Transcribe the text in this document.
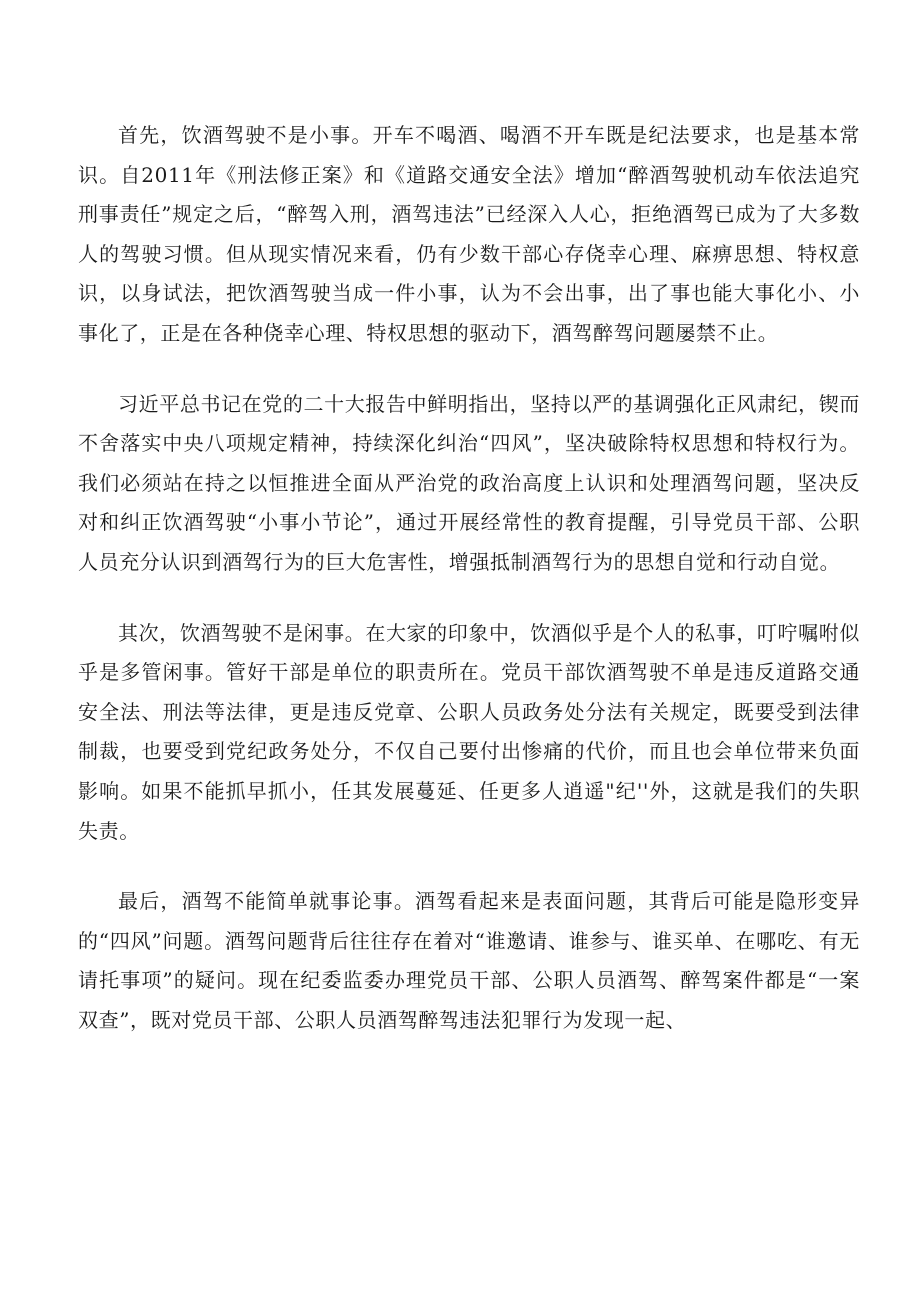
首先，饮酒驾驶不是小事。开车不喝酒、喝酒不开车既是纪法要求，也是基本常识。自2011年《刑法修正案》和《道路交通安全法》增加“醉酒驾驶机动车依法追究刑事责任”规定之后，“醉驾入刑，酒驾违法”已经深入人心，拒绝酒驾已成为了大多数人的驾驶习惯。但从现实情况来看，仍有少数干部心存侥幸心理、麻痹思想、特权意识，以身试法，把饮酒驾驶当成一件小事，认为不会出事，出了事也能大事化小、小事化了，正是在各种侥幸心理、特权思想的驱动下，酒驾醉驾问题屡禁不止。

习近平总书记在党的二十大报告中鲜明指出，坚持以严的基调强化正风肃纪，锲而不舍落实中央八项规定精神，持续深化纠治“四风”，坚决破除特权思想和特权行为。我们必须站在持之以恒推进全面从严治党的政治高度上认识和处理酒驾问题，坚决反对和纠正饮酒驾驶“小事小节论”，通过开展经常性的教育提醒，引导党员干部、公职人员充分认识到酒驾行为的巨大危害性，增强抵制酒驾行为的思想自觉和行动自觉。

其次，饮酒驾驶不是闲事。在大家的印象中，饮酒似乎是个人的私事，叮咛嘱咐似乎是多管闲事。管好干部是单位的职责所在。党员干部饮酒驾驶不单是违反道路交通安全法、刑法等法律，更是违反党章、公职人员政务处分法有关规定，既要受到法律制裁，也要受到党纪政务处分，不仅自己要付出惨痛的代价，而且也会单位带来负面影响。如果不能抓早抓小，任其发展蔓延、任更多人逍遥"纪''外，这就是我们的失职失责。

最后，酒驾不能简单就事论事。酒驾看起来是表面问题，其背后可能是隐形变异的“四风”问题。酒驾问题背后往往存在着对“谁邀请、谁参与、谁买单、在哪吃、有无请托事项”的疑问。现在纪委监委办理党员干部、公职人员酒驾、醉驾案件都是“一案双查”，既对党员干部、公职人员酒驾醉驾违法犯罪行为发现一起、
